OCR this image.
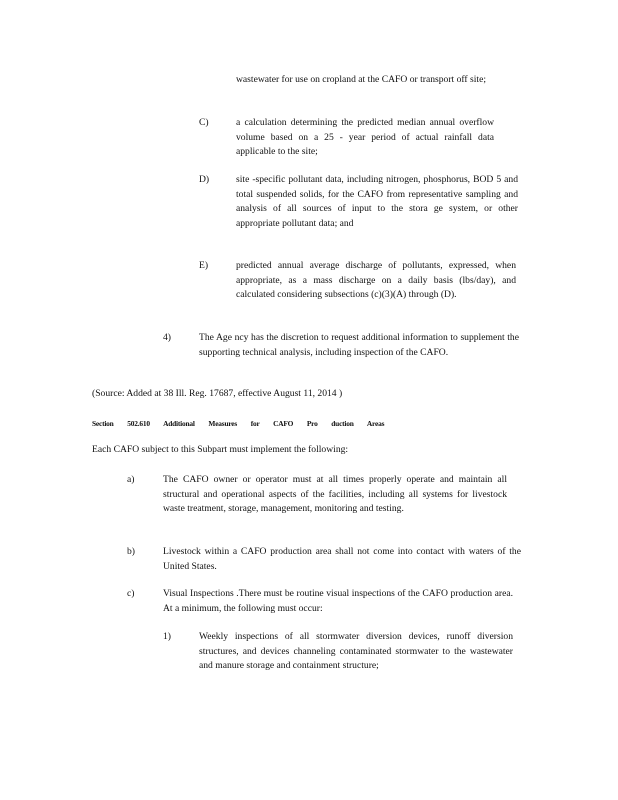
wastewater for use on cropland at the CAFO or transport off site;

C)	a calculation determining the predicted median annual overflow volume based on a 25 - year period of actual rainfall data applicable to the site;

D)	site -specific pollutant data, including nitrogen, phosphorus, BOD 5 and total suspended solids, for the CAFO from representative sampling and analysis of all sources of input to the stora ge system, or other appropriate pollutant data; and

E)	predicted annual average discharge of pollutants, expressed, when appropriate, as a mass discharge on a daily basis (lbs/day), and calculated considering subsections (c)(3)(A) through (D).

4)	The Age ncy has the discretion to request additional information to supplement the supporting technical analysis, including inspection of the CAFO.

(Source: Added at 38 Ill. Reg. 17687, effective August 11, 2014 )

Section 502.610 Additional Measures for CAFO Pro duction Areas

Each CAFO subject to this Subpart must implement the following:

a)	The CAFO owner or operator must at all times properly operate and maintain all structural and operational aspects of the facilities, including all systems for livestock waste treatment, storage, management, monitoring and testing.

b)	Livestock within a CAFO production area shall not come into contact with waters of the United States.

c)	Visual Inspections .There must be routine visual inspections of the CAFO production area. At a minimum, the following must occur:

1)	Weekly inspections of all stormwater diversion devices, runoff diversion structures, and devices channeling contaminated stormwater to the wastewater and manure storage and containment structure;
